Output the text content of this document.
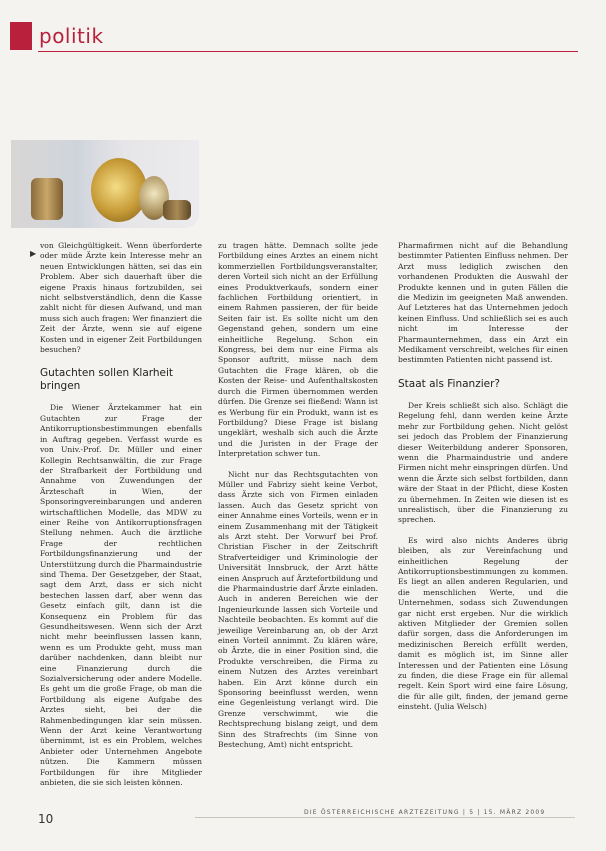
politik
▶

von Gleichgültigkeit. Wenn überforderte oder müde Ärzte kein Interesse mehr an neuen Entwicklungen hätten, sei das ein Problem. Aber sich dauerhaft über die eigene Praxis hinaus fortzubilden, sei nicht selbstverständlich, denn die Kasse zahlt nicht für diesen Aufwand, und man muss sich auch fragen: Wer finanziert die Zeit der Ärzte, wenn sie auf eigene Kosten und in eigener Zeit Fortbildungen besuchen?

Gutachten sollen Klarheit bringen

Die Wiener Ärztekammer hat ein Gutachten zur Frage der Antikorruptionsbestimmungen ebenfalls in Auftrag gegeben. Verfasst wurde es von Univ.-Prof. Dr. Müller und einer Kollegin Rechtsanwältin, die zur Frage der Strafbarkeit der Fortbildung und Annahme von Zuwendungen der Ärzteschaft in Wien, der Sponsoringvereinbarungen und anderen wirtschaftlichen Modelle, das MDW zu einer Reihe von Antikorruptionsfragen Stellung nehmen. Auch die ärztliche Frage der rechtlichen Fortbildungsfinanzierung und der Unterstützung durch die Pharmaindustrie sind Thema. Der Gesetzgeber, der Staat, sagt dem Arzt, dass er sich nicht bestechen lassen darf, aber wenn das Gesetz einfach gilt, dann ist die Konsequenz ein Problem für das Gesundheitswesen. Wenn sich der Arzt nicht mehr beeinflussen lassen kann, wenn es um Produkte geht, muss man darüber nachdenken, dann bleibt nur eine Finanzierung durch die Sozialversicherung oder andere Modelle. Es geht um die große Frage, ob man die Fortbildung als eigene Aufgabe des Arztes sieht, bei der die Rahmenbedingungen klar sein müssen. Wenn der Arzt keine Verantwortung übernimmt, ist es ein Problem, welches Anbieter oder Unternehmen Angebote nützen. Die Kammern müssen Fortbildungen für ihre Mitglieder anbieten, die sie sich leisten können.

zu tragen hätte. Demnach sollte jede Fortbildung eines Arztes an einem nicht kommerziellen Fortbildungsveranstalter, deren Vorteil sich nicht an der Erfüllung eines Produktverkaufs, sondern einer fachlichen Fortbildung orientiert, in einem Rahmen passieren, der für beide Seiten fair ist. Es sollte nicht um den Gegenstand gehen, sondern um eine einheitliche Regelung. Schon ein Kongress, bei dem nur eine Firma als Sponsor auftritt, müsse nach dem Gutachten die Frage klären, ob die Kosten der Reise- und Aufenthaltskosten durch die Firmen übernommen werden dürfen. Die Grenze sei fließend: Wann ist es Werbung für ein Produkt, wann ist es Fortbildung? Diese Frage ist bislang ungeklärt, weshalb sich auch die Ärzte und die Juristen in der Frage der Interpretation schwer tun.

Nicht nur das Rechtsgutachten von Müller und Fabrizy sieht keine Verbot, dass Ärzte sich von Firmen einladen lassen. Auch das Gesetz spricht von einer Annahme eines Vorteils, wenn er in einem Zusammenhang mit der Tätigkeit als Arzt steht. Der Vorwurf bei Prof. Christian Fischer in der Zeitschrift Strafverteidiger und Kriminologie der Universität Innsbruck, der Arzt hätte einen Anspruch auf Ärztefortbildung und die Pharmaindustrie darf Ärzte einladen. Auch in anderen Bereichen wie der Ingenieurkunde lassen sich Vorteile und Nachteile beobachten. Es kommt auf die jeweilige Vereinbarung an, ob der Arzt einen Vorteil annimmt. Zu klären wäre, ob Ärzte, die in einer Position sind, die Produkte verschreiben, die Firma zu einem Nutzen des Arztes vereinbart haben. Ein Arzt könne durch ein Sponsoring beeinflusst werden, wenn eine Gegenleistung verlangt wird. Die Grenze verschwimmt, wie die Rechtsprechung bislang zeigt, und dem Sinn des Strafrechts (im Sinne von Bestechung, Amt) nicht entspricht.

Pharmafirmen nicht auf die Behandlung bestimmter Patienten Einfluss nehmen. Der Arzt muss lediglich zwischen den vorhandenen Produkten die Auswahl der Produkte kennen und in guten Fällen die die Medizin im geeigneten Maß anwenden. Auf Letzteres hat das Unternehmen jedoch keinen Einfluss. Und schließlich sei es auch nicht im Interesse der Pharmaunternehmen, dass ein Arzt ein Medikament verschreibt, welches für einen bestimmten Patienten nicht passend ist.

Staat als Finanzier?

Der Kreis schließt sich also. Schlägt die Regelung fehl, dann werden keine Ärzte mehr zur Fortbildung gehen. Nicht gelöst sei jedoch das Problem der Finanzierung dieser Weiterbildung anderer Sponsoren, wenn die Pharmaindustrie und andere Firmen nicht mehr einspringen dürfen. Und wenn die Ärzte sich selbst fortbilden, dann wäre der Staat in der Pflicht, diese Kosten zu übernehmen. In Zeiten wie diesen ist es unrealistisch, über die Finanzierung zu sprechen.

Es wird also nichts Anderes übrig bleiben, als zur Vereinfachung und einheitlichen Regelung der Antikorruptionsbestimmungen zu kommen. Es liegt an allen anderen Regularien, und die menschlichen Werte, und die Unternehmen, sodass sich Zuwendungen gar nicht erst ergeben. Nur die wirklich aktiven Mitglieder der Gremien sollen dafür sorgen, dass die Anforderungen im medizinischen Bereich erfüllt werden, damit es möglich ist, im Sinne aller Interessen und der Patienten eine Lösung zu finden, die diese Frage ein für allemal regelt. Kein Sport wird eine faire Lösung, die für alle gilt, finden, der jemand gerne einsteht. (Julia Welsch)

10	DIE ÖSTERREICHISCHE ARZTEZEITUNG | 5 | 15. MÄRZ 2009
